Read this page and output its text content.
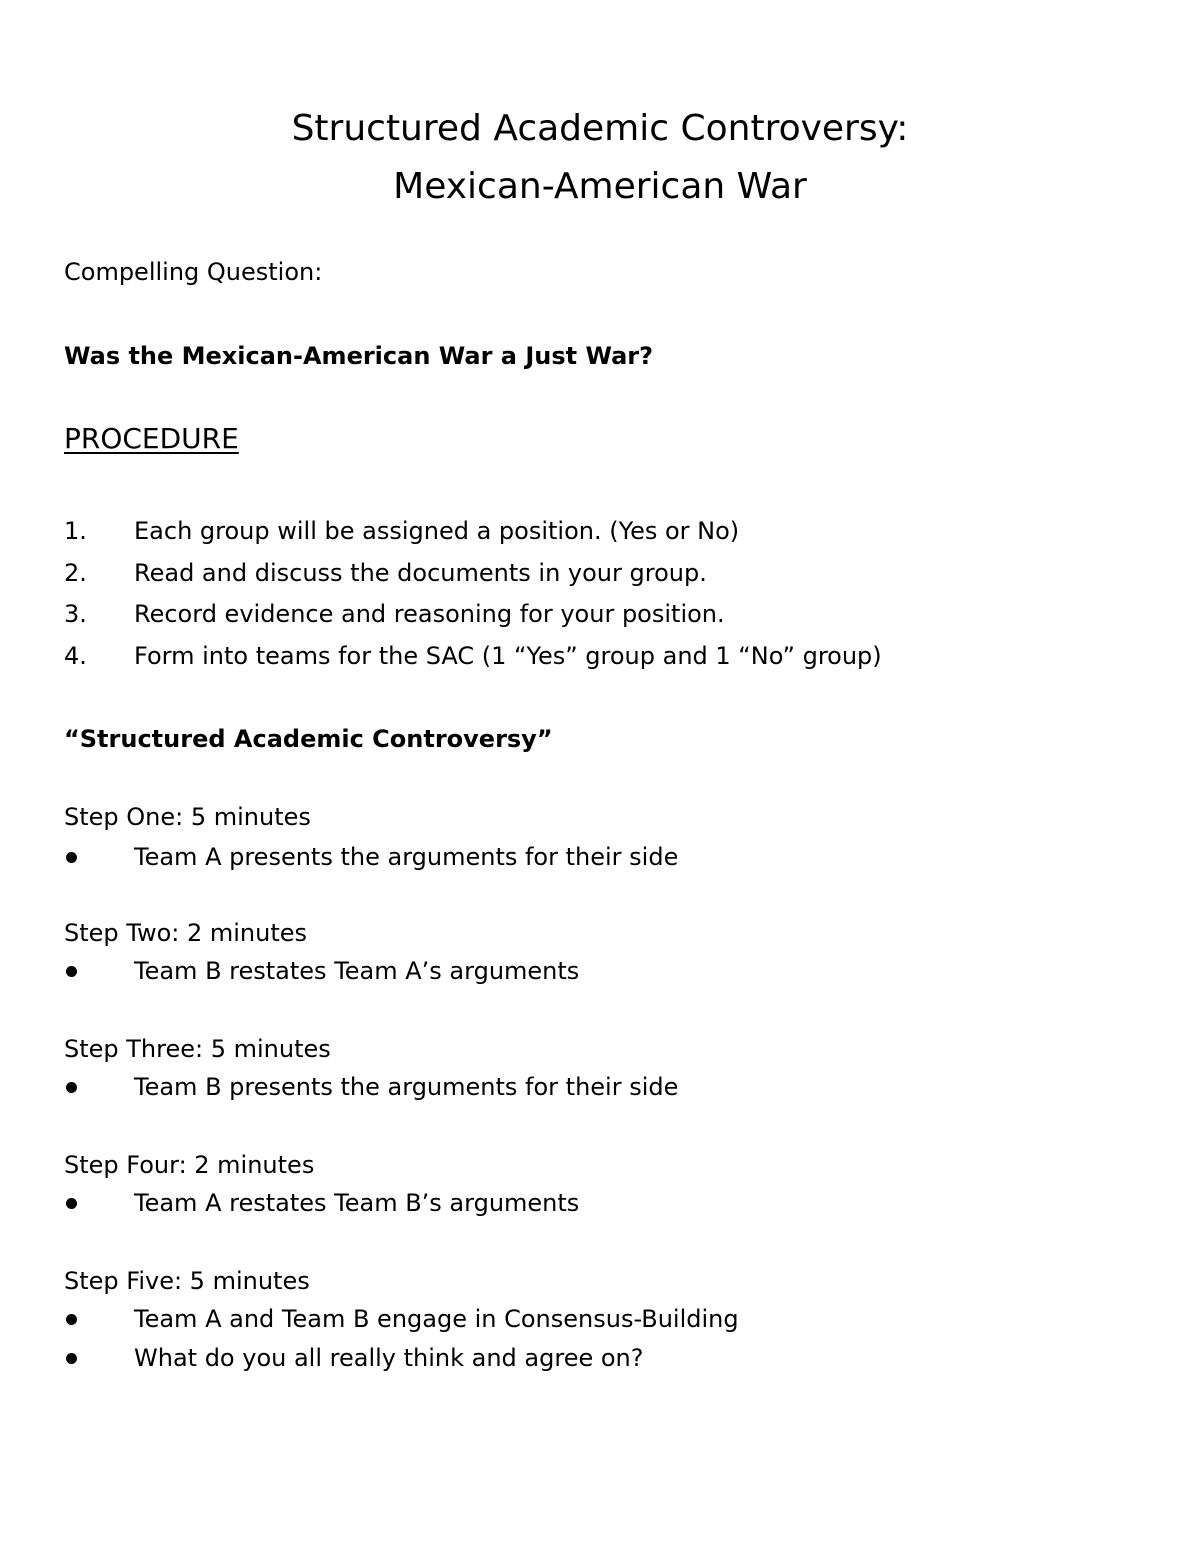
Structured Academic Controversy:
Mexican-American War

Compelling Question:

Was the Mexican-American War a Just War?

PROCEDURE

1. Each group will be assigned a position. (Yes or No)
2. Read and discuss the documents in your group.
3. Record evidence and reasoning for your position.
4. Form into teams for the SAC (1 “Yes” group and 1 “No” group)

“Structured Academic Controversy”

Step One: 5 minutes

Team A presents the arguments for their side

Step Two: 2 minutes

Team B restates Team A’s arguments

Step Three: 5 minutes

Team B presents the arguments for their side

Step Four: 2 minutes

Team A restates Team B’s arguments

Step Five: 5 minutes

Team A and Team B engage in Consensus-Building
What do you all really think and agree on?
